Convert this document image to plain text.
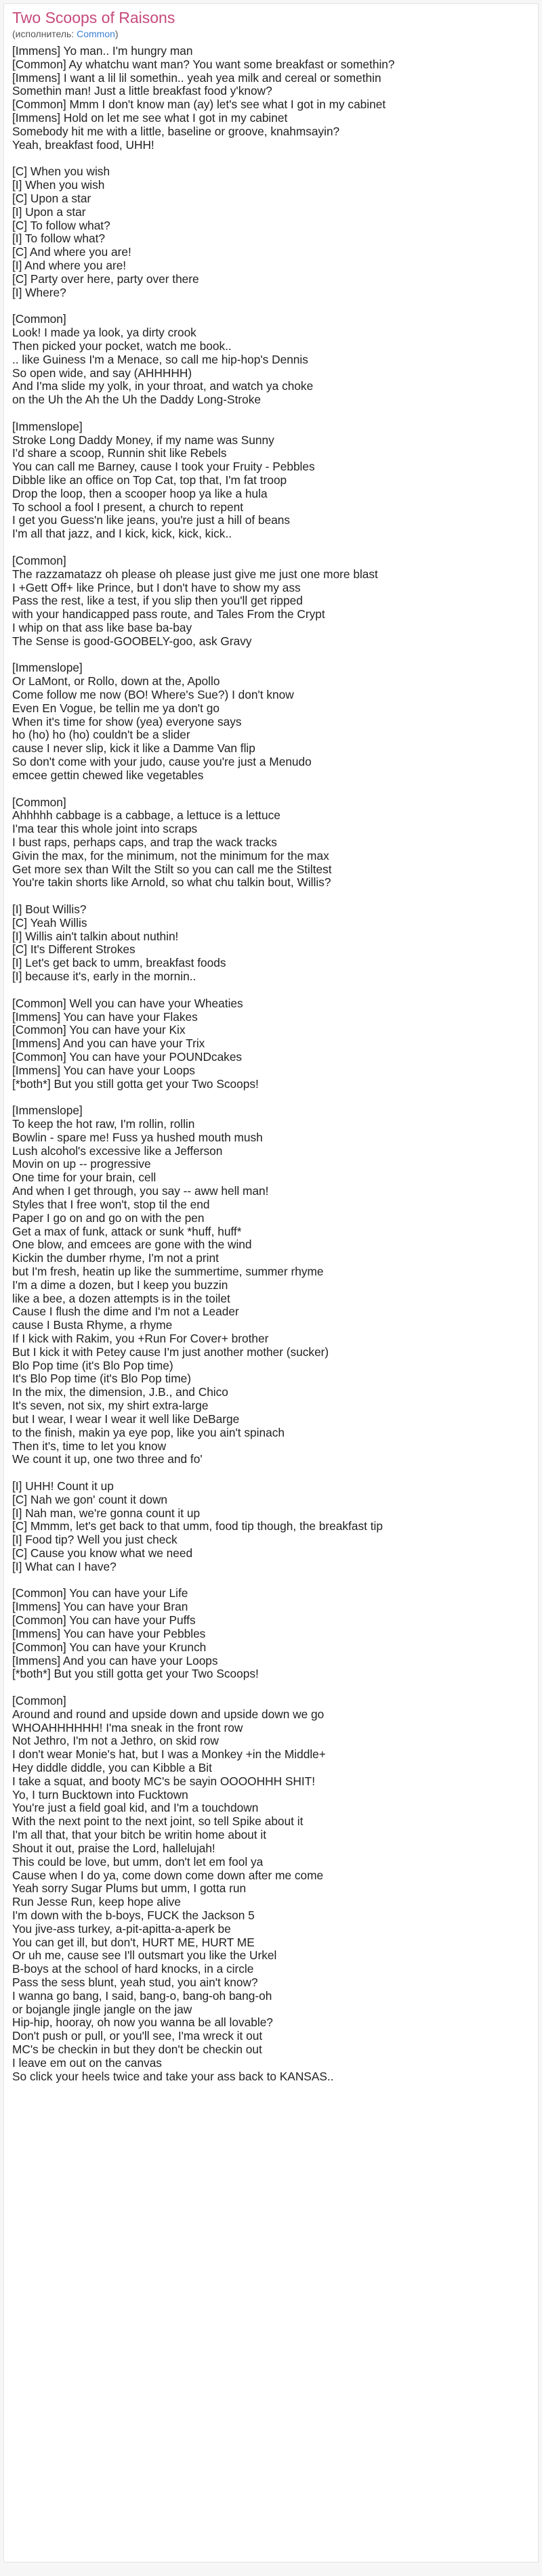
Two Scoops of Raisons
(исполнитель: Common)
[Immens] Yo man.. I'm hungry man
[Common] Ay whatchu want man? You want some breakfast or somethin?
[Immens] I want a lil lil somethin.. yeah yea milk and cereal or somethin
Somethin man! Just a little breakfast food y'know?
[Common] Mmm I don't know man (ay) let's see what I got in my cabinet
[Immens] Hold on let me see what I got in my cabinet
Somebody hit me with a little, baseline or groove, knahmsayin?
Yeah, breakfast food, UHH!
[C] When you wish
[I] When you wish
[C] Upon a star
[I] Upon a star
[C] To follow what?
[I] To follow what?
[C] And where you are!
[I] And where you are!
[C] Party over here, party over there
[I] Where?
[Common]
Look! I made ya look, ya dirty crook
Then picked your pocket, watch me book..
.. like Guiness I'm a Menace, so call me hip-hop's Dennis
So open wide, and say (AHHHHH)
And I'ma slide my yolk, in your throat, and watch ya choke
on the Uh the Ah the Uh the Daddy Long-Stroke
[Immenslope]
Stroke Long Daddy Money, if my name was Sunny
I'd share a scoop, Runnin shit like Rebels
You can call me Barney, cause I took your Fruity - Pebbles
Dibble like an office on Top Cat, top that, I'm fat troop
Drop the loop, then a scooper hoop ya like a hula
To school a fool I present, a church to repent
I get you Guess'n like jeans, you're just a hill of beans
I'm all that jazz, and I kick, kick, kick, kick..
[Common]
The razzamatazz oh please oh please just give me just one more blast
I +Gett Off+ like Prince, but I don't have to show my ass
Pass the rest, like a test, if you slip then you'll get ripped
with your handicapped pass route, and Tales From the Crypt
I whip on that ass like base ba-bay
The Sense is good-GOOBELY-goo, ask Gravy
[Immenslope]
Or LaMont, or Rollo, down at the, Apollo
Come follow me now (BO! Where's Sue?) I don't know
Even En Vogue, be tellin me ya don't go
When it's time for show (yea) everyone says
ho (ho) ho (ho) couldn't be a slider
cause I never slip, kick it like a Damme Van flip
So don't come with your judo, cause you're just a Menudo
emcee gettin chewed like vegetables
[Common]
Ahhhhh cabbage is a cabbage, a lettuce is a lettuce
I'ma tear this whole joint into scraps
I bust raps, perhaps caps, and trap the wack tracks
Givin the max, for the minimum, not the minimum for the max
Get more sex than Wilt the Stilt so you can call me the Stiltest
You're takin shorts like Arnold, so what chu talkin bout, Willis?
[I] Bout Willis?
[C] Yeah Willis
[I] Willis ain't talkin about nuthin!
[C] It's Different Strokes
[I] Let's get back to umm, breakfast foods
[I] because it's, early in the mornin..
[Common] Well you can have your Wheaties
[Immens] You can have your Flakes
[Common] You can have your Kix
[Immens] And you can have your Trix
[Common] You can have your POUNDcakes
[Immens] You can have your Loops
[*both*] But you still gotta get your Two Scoops!
[Immenslope]
To keep the hot raw, I'm rollin, rollin
Bowlin - spare me! Fuss ya hushed mouth mush
Lush alcohol's excessive like a Jefferson
Movin on up -- progressive
One time for your brain, cell
And when I get through, you say -- aww hell man!
Styles that I free won't, stop til the end
Paper I go on and go on with the pen
Get a max of funk, attack or sunk *huff, huff*
One blow, and emcees are gone with the wind
Kickin the dumber rhyme, I'm not a print
but I'm fresh, heatin up like the summertime, summer rhyme
I'm a dime a dozen, but I keep you buzzin
like a bee, a dozen attempts is in the toilet
Cause I flush the dime and I'm not a Leader
cause I Busta Rhyme, a rhyme
If I kick with Rakim, you +Run For Cover+ brother
But I kick it with Petey cause I'm just another mother (sucker)
Blo Pop time (it's Blo Pop time)
It's Blo Pop time (it's Blo Pop time)
In the mix, the dimension, J.B., and Chico
It's seven, not six, my shirt extra-large
but I wear, I wear I wear it well like DeBarge
to the finish, makin ya eye pop, like you ain't spinach
Then it's, time to let you know
We count it up, one two three and fo'
[I] UHH! Count it up
[C] Nah we gon' count it down
[I] Nah man, we're gonna count it up
[C] Mmmm, let's get back to that umm, food tip though, the breakfast tip
[I] Food tip? Well you just check
[C] Cause you know what we need
[I] What can I have?
[Common] You can have your Life
[Immens] You can have your Bran
[Common] You can have your Puffs
[Immens] You can have your Pebbles
[Common] You can have your Krunch
[Immens] And you can have your Loops
[*both*] But you still gotta get your Two Scoops!
[Common]
Around and round and upside down and upside down we go
WHOAHHHHHH! I'ma sneak in the front row
Not Jethro, I'm not a Jethro, on skid row
I don't wear Monie's hat, but I was a Monkey +in the Middle+
Hey diddle diddle, you can Kibble a Bit
I take a squat, and booty MC's be sayin OOOOHHH SHIT!
Yo, I turn Bucktown into Fucktown
You're just a field goal kid, and I'm a touchdown
With the next point to the next joint, so tell Spike about it
I'm all that, that your bitch be writin home about it
Shout it out, praise the Lord, hallelujah!
This could be love, but umm, don't let em fool ya
Cause when I do ya, come down come down after me come
Yeah sorry Sugar Plums but umm, I gotta run
Run Jesse Run, keep hope alive
I'm down with the b-boys, FUCK the Jackson 5
You jive-ass turkey, a-pit-apitta-a-aperk be
You can get ill, but don't, HURT ME, HURT ME
Or uh me, cause see I'll outsmart you like the Urkel
B-boys at the school of hard knocks, in a circle
Pass the sess blunt, yeah stud, you ain't know?
I wanna go bang, I said, bang-o, bang-oh bang-oh
or bojangle jingle jangle on the jaw
Hip-hip, hooray, oh now you wanna be all lovable?
Don't push or pull, or you'll see, I'ma wreck it out
MC's be checkin in but they don't be checkin out
I leave em out on the canvas
So click your heels twice and take your ass back to KANSAS..
